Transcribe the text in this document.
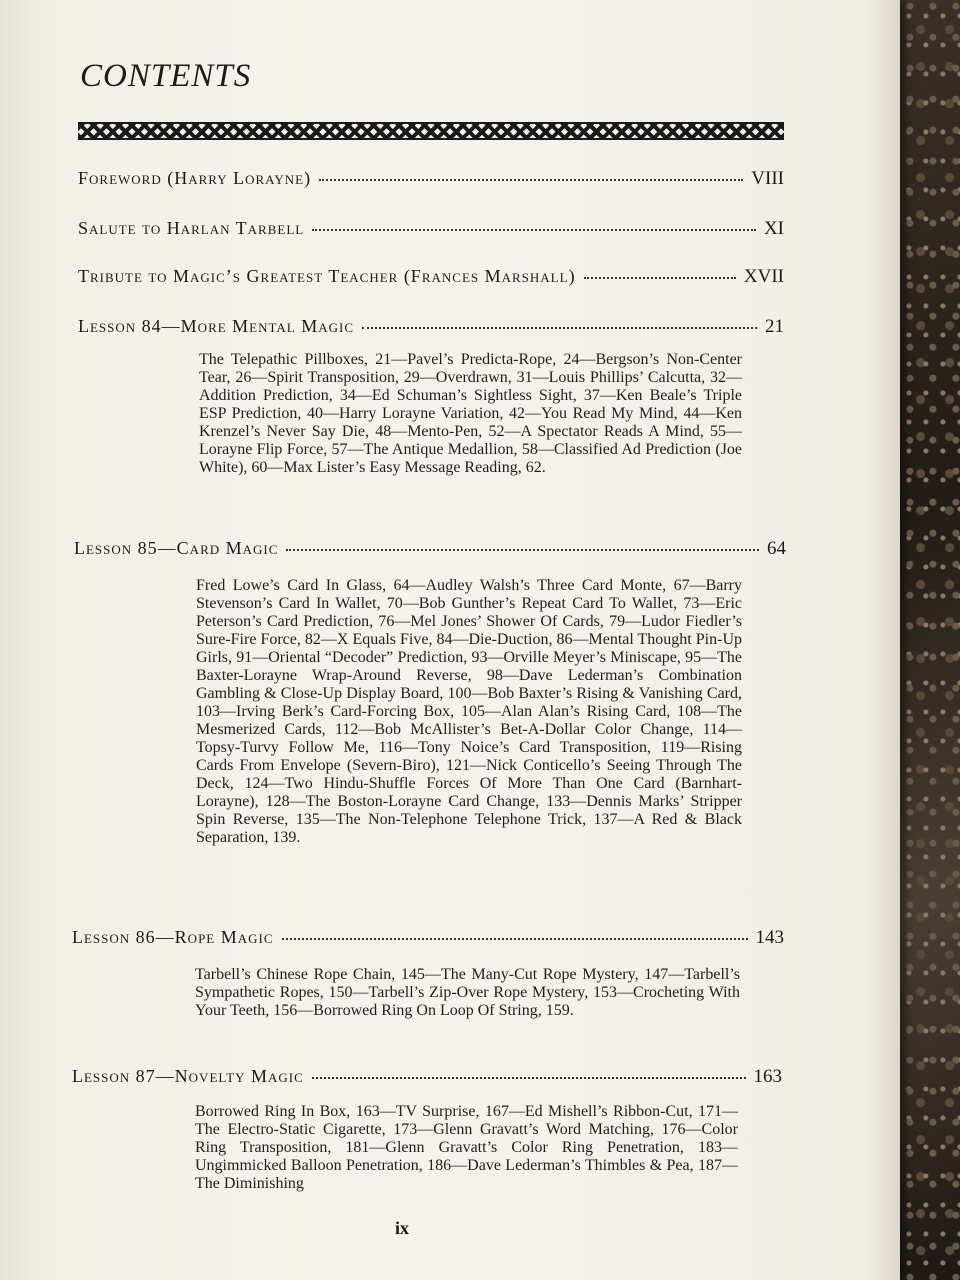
CONTENTS
Foreword (Harry Lorayne)	VIII
Salute to Harlan Tarbell	XI
Tribute to Magic’s Greatest Teacher (Frances Marshall)	XVII
Lesson 84—More Mental Magic	21

The Telepathic Pillboxes, 21—Pavel’s Predicta-Rope, 24—Bergson’s Non-Center Tear, 26—Spirit Transposition, 29—Overdrawn, 31—Louis Phillips’ Calcutta, 32—Addition Prediction, 34—Ed Schuman’s Sightless Sight, 37—Ken Beale’s Triple ESP Prediction, 40—Harry Lorayne Variation, 42—You Read My Mind, 44—Ken Krenzel’s Never Say Die, 48—Mento-Pen, 52—A Spectator Reads A Mind, 55—Lorayne Flip Force, 57—The Antique Medallion, 58—Classified Ad Prediction (Joe White), 60—Max Lister’s Easy Message Reading, 62.

Lesson 85—Card Magic	64

Fred Lowe’s Card In Glass, 64—Audley Walsh’s Three Card Monte, 67—Barry Stevenson’s Card In Wallet, 70—Bob Gunther’s Repeat Card To Wallet, 73—Eric Peterson’s Card Prediction, 76—Mel Jones’ Shower Of Cards, 79—Ludor Fiedler’s Sure-Fire Force, 82—X Equals Five, 84—Die-Duction, 86—Mental Thought Pin-Up Girls, 91—Oriental “Decoder” Prediction, 93—Orville Meyer’s Miniscape, 95—The Baxter-Lorayne Wrap-Around Reverse, 98—Dave Lederman’s Combination Gambling & Close-Up Display Board, 100—Bob Baxter’s Rising & Vanishing Card, 103—Irving Berk’s Card-Forcing Box, 105—Alan Alan’s Rising Card, 108—The Mesmerized Cards, 112—Bob McAllister’s Bet-A-Dollar Color Change, 114—Topsy-Turvy Follow Me, 116—Tony Noice’s Card Transposition, 119—Rising Cards From Envelope (Severn-Biro), 121—Nick Conticello’s Seeing Through The Deck, 124—Two Hindu-Shuffle Forces Of More Than One Card (Barnhart-Lorayne), 128—The Boston-Lorayne Card Change, 133—Dennis Marks’ Stripper Spin Reverse, 135—The Non-Telephone Telephone Trick, 137—A Red & Black Separation, 139.

Lesson 86—Rope Magic	143

Tarbell’s Chinese Rope Chain, 145—The Many-Cut Rope Mystery, 147—Tarbell’s Sympathetic Ropes, 150—Tarbell’s Zip-Over Rope Mystery, 153—Crocheting With Your Teeth, 156—Borrowed Ring On Loop Of String, 159.

Lesson 87—Novelty Magic	163

Borrowed Ring In Box, 163—TV Surprise, 167—Ed Mishell’s Ribbon-Cut, 171—The Electro-Static Cigarette, 173—Glenn Gravatt’s Word Matching, 176—Color Ring Transposition, 181—Glenn Gravatt’s Color Ring Penetration, 183—Ungimmicked Balloon Penetration, 186—Dave Lederman’s Thimbles & Pea, 187—The Diminishing

ix
